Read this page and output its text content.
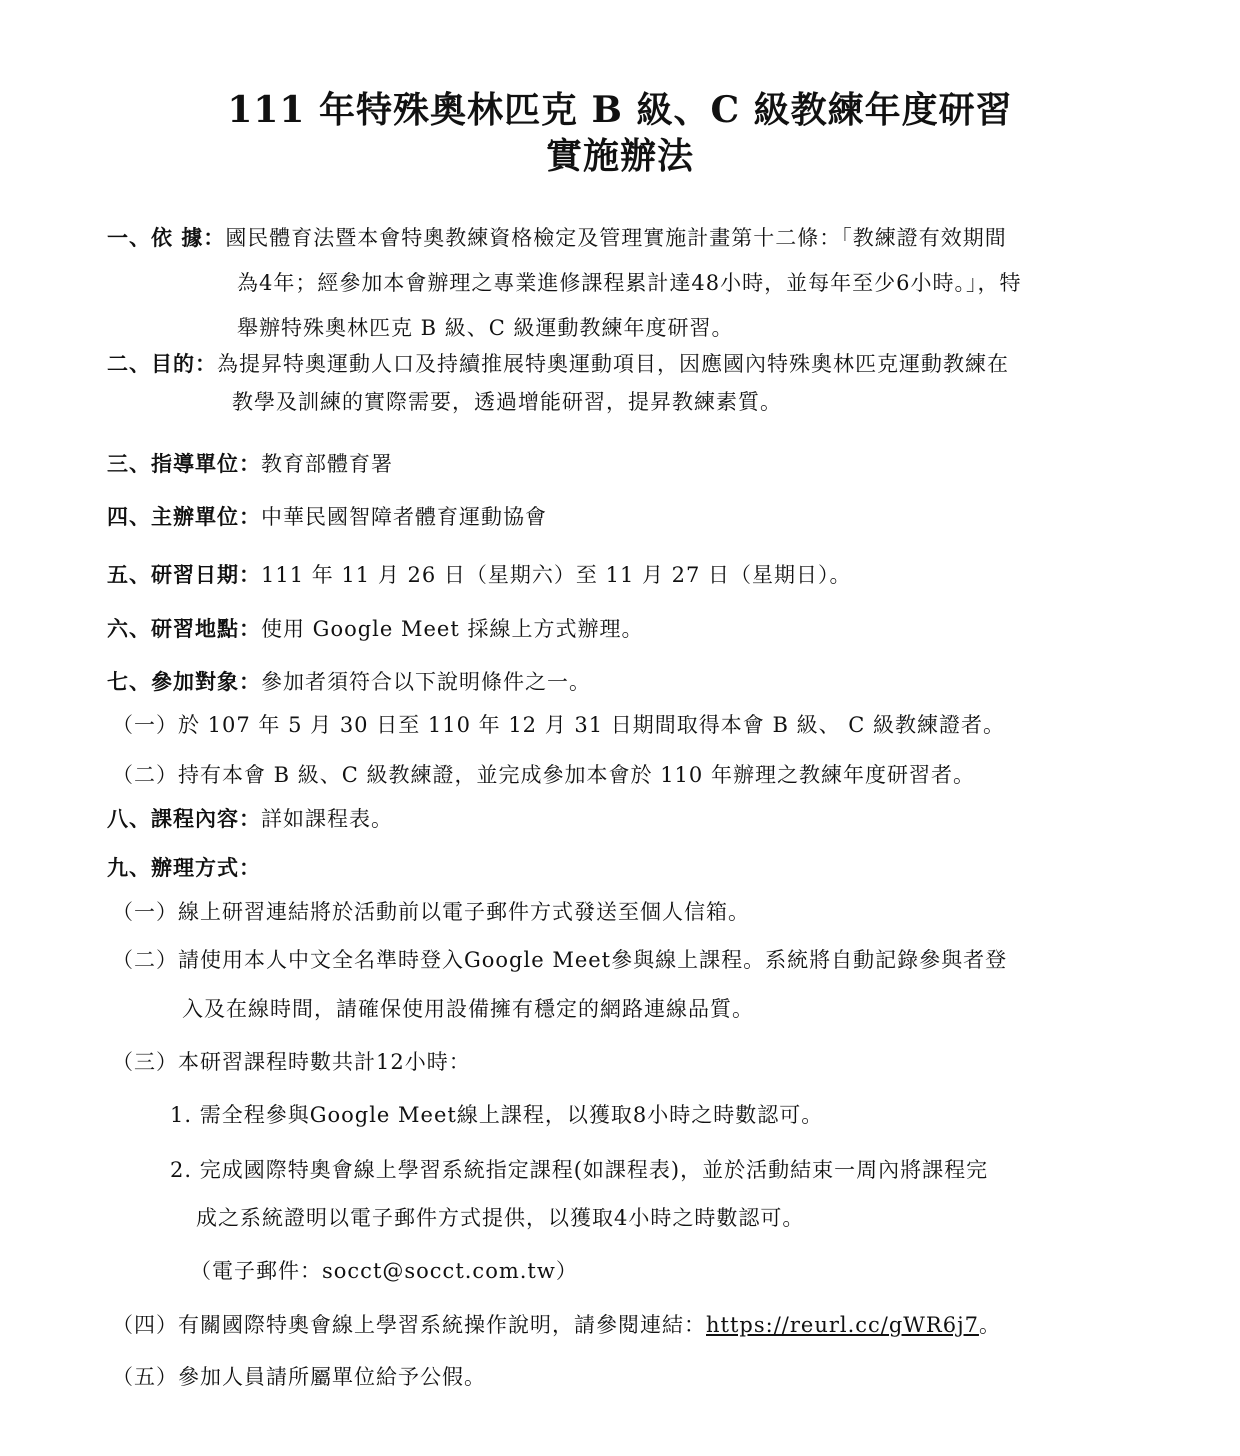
111 年特殊奧林匹克 B 級、C 級教練年度研習
實施辦法
一、依 據：國民體育法暨本會特奧教練資格檢定及管理實施計畫第十二條：「教練證有效期間
為4年；經參加本會辦理之專業進修課程累計達48小時，並每年至少6小時。」，特
舉辦特殊奧林匹克 B 級、C 級運動教練年度研習。
二、目的：為提昇特奧運動人口及持續推展特奧運動項目，因應國內特殊奧林匹克運動教練在
教學及訓練的實際需要，透過增能研習，提昇教練素質。
三、指導單位：教育部體育署
四、主辦單位：中華民國智障者體育運動協會
五、研習日期：111 年 11 月 26 日（星期六）至 11 月 27 日（星期日）。
六、研習地點：使用 Google Meet 採線上方式辦理。
七、參加對象：參加者須符合以下說明條件之一。
（一）於 107 年 5 月 30 日至 110 年 12 月 31 日期間取得本會 B 級、 C 級教練證者。
（二）持有本會 B 級、C 級教練證，並完成參加本會於 110 年辦理之教練年度研習者。
八、課程內容：詳如課程表。
九、辦理方式：
（一）線上研習連結將於活動前以電子郵件方式發送至個人信箱。
（二）請使用本人中文全名準時登入Google Meet參與線上課程。系統將自動記錄參與者登
入及在線時間，請確保使用設備擁有穩定的網路連線品質。
（三）本研習課程時數共計12小時：
1. 需全程參與Google Meet線上課程，以獲取8小時之時數認可。
2. 完成國際特奧會線上學習系統指定課程(如課程表)，並於活動結束一周內將課程完
成之系統證明以電子郵件方式提供，以獲取4小時之時數認可。
（電子郵件：socct@socct.com.tw）
（四）有關國際特奧會線上學習系統操作說明，請參閱連結：https://reurl.cc/gWR6j7。
（五）參加人員請所屬單位給予公假。
